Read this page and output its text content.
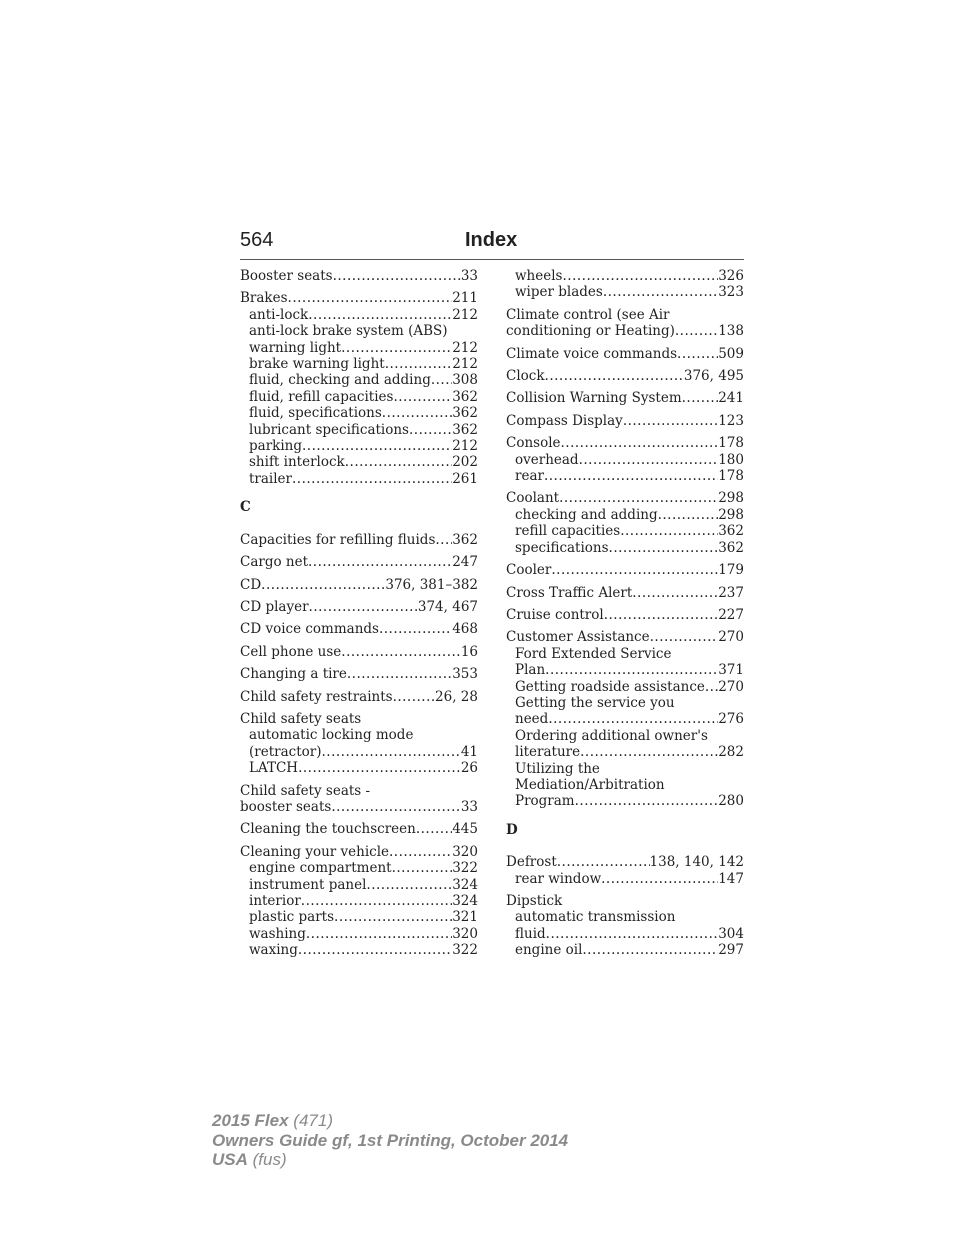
564	Index
Booster seats .....	33
Brakes .....	211
anti-lock .....	212
anti-lock brake system (ABS)
warning light .....	212
brake warning light .....	212
fluid, checking and adding ..... 308
fluid, refill capacities .....	362
fluid, specifications .....	362
lubricant specifications .....	362
parking .....	212
shift interlock .....	202
trailer .....	261
C
Capacities for refilling fluids ..... 362
Cargo net .....	247
CD .....	376, 381–382
CD player .....	374, 467
CD voice commands .....	468
Cell phone use .....	16
Changing a tire .....	353
Child safety restraints .....	26, 28
Child safety seats
automatic locking mode
(retractor) .....	41
LATCH .....	26
Child safety seats -
booster seats .....	33
Cleaning the touchscreen .....	445
Cleaning your vehicle .....	320
engine compartment .....	322
instrument panel .....	324
interior .....	324
plastic parts .....	321
washing .....	320
waxing .....	322
wheels .....	326
wiper blades .....	323
Climate control (see Air
conditioning or Heating) .....	138
Climate voice commands .....	509
Clock .....	376, 495
Collision Warning System .....	241
Compass Display .....	123
Console .....	178
overhead .....	180
rear .....	178
Coolant .....	298
checking and adding .....	298
refill capacities .....	362
specifications .....	362
Cooler .....	179
Cross Traffic Alert .....	237
Cruise control .....	227
Customer Assistance .....	270
Ford Extended Service
Plan .....	371
Getting roadside assistance ..... 270
Getting the service you
need .....	276
Ordering additional owner's
literature .....	282
Utilizing the
Mediation/Arbitration
Program .....	280
D
Defrost .....	138, 140, 142
rear window .....	147
Dipstick
automatic transmission
fluid .....	304
engine oil .....	297
2015 Flex (471)
Owners Guide gf, 1st Printing, October 2014
USA (fus)
